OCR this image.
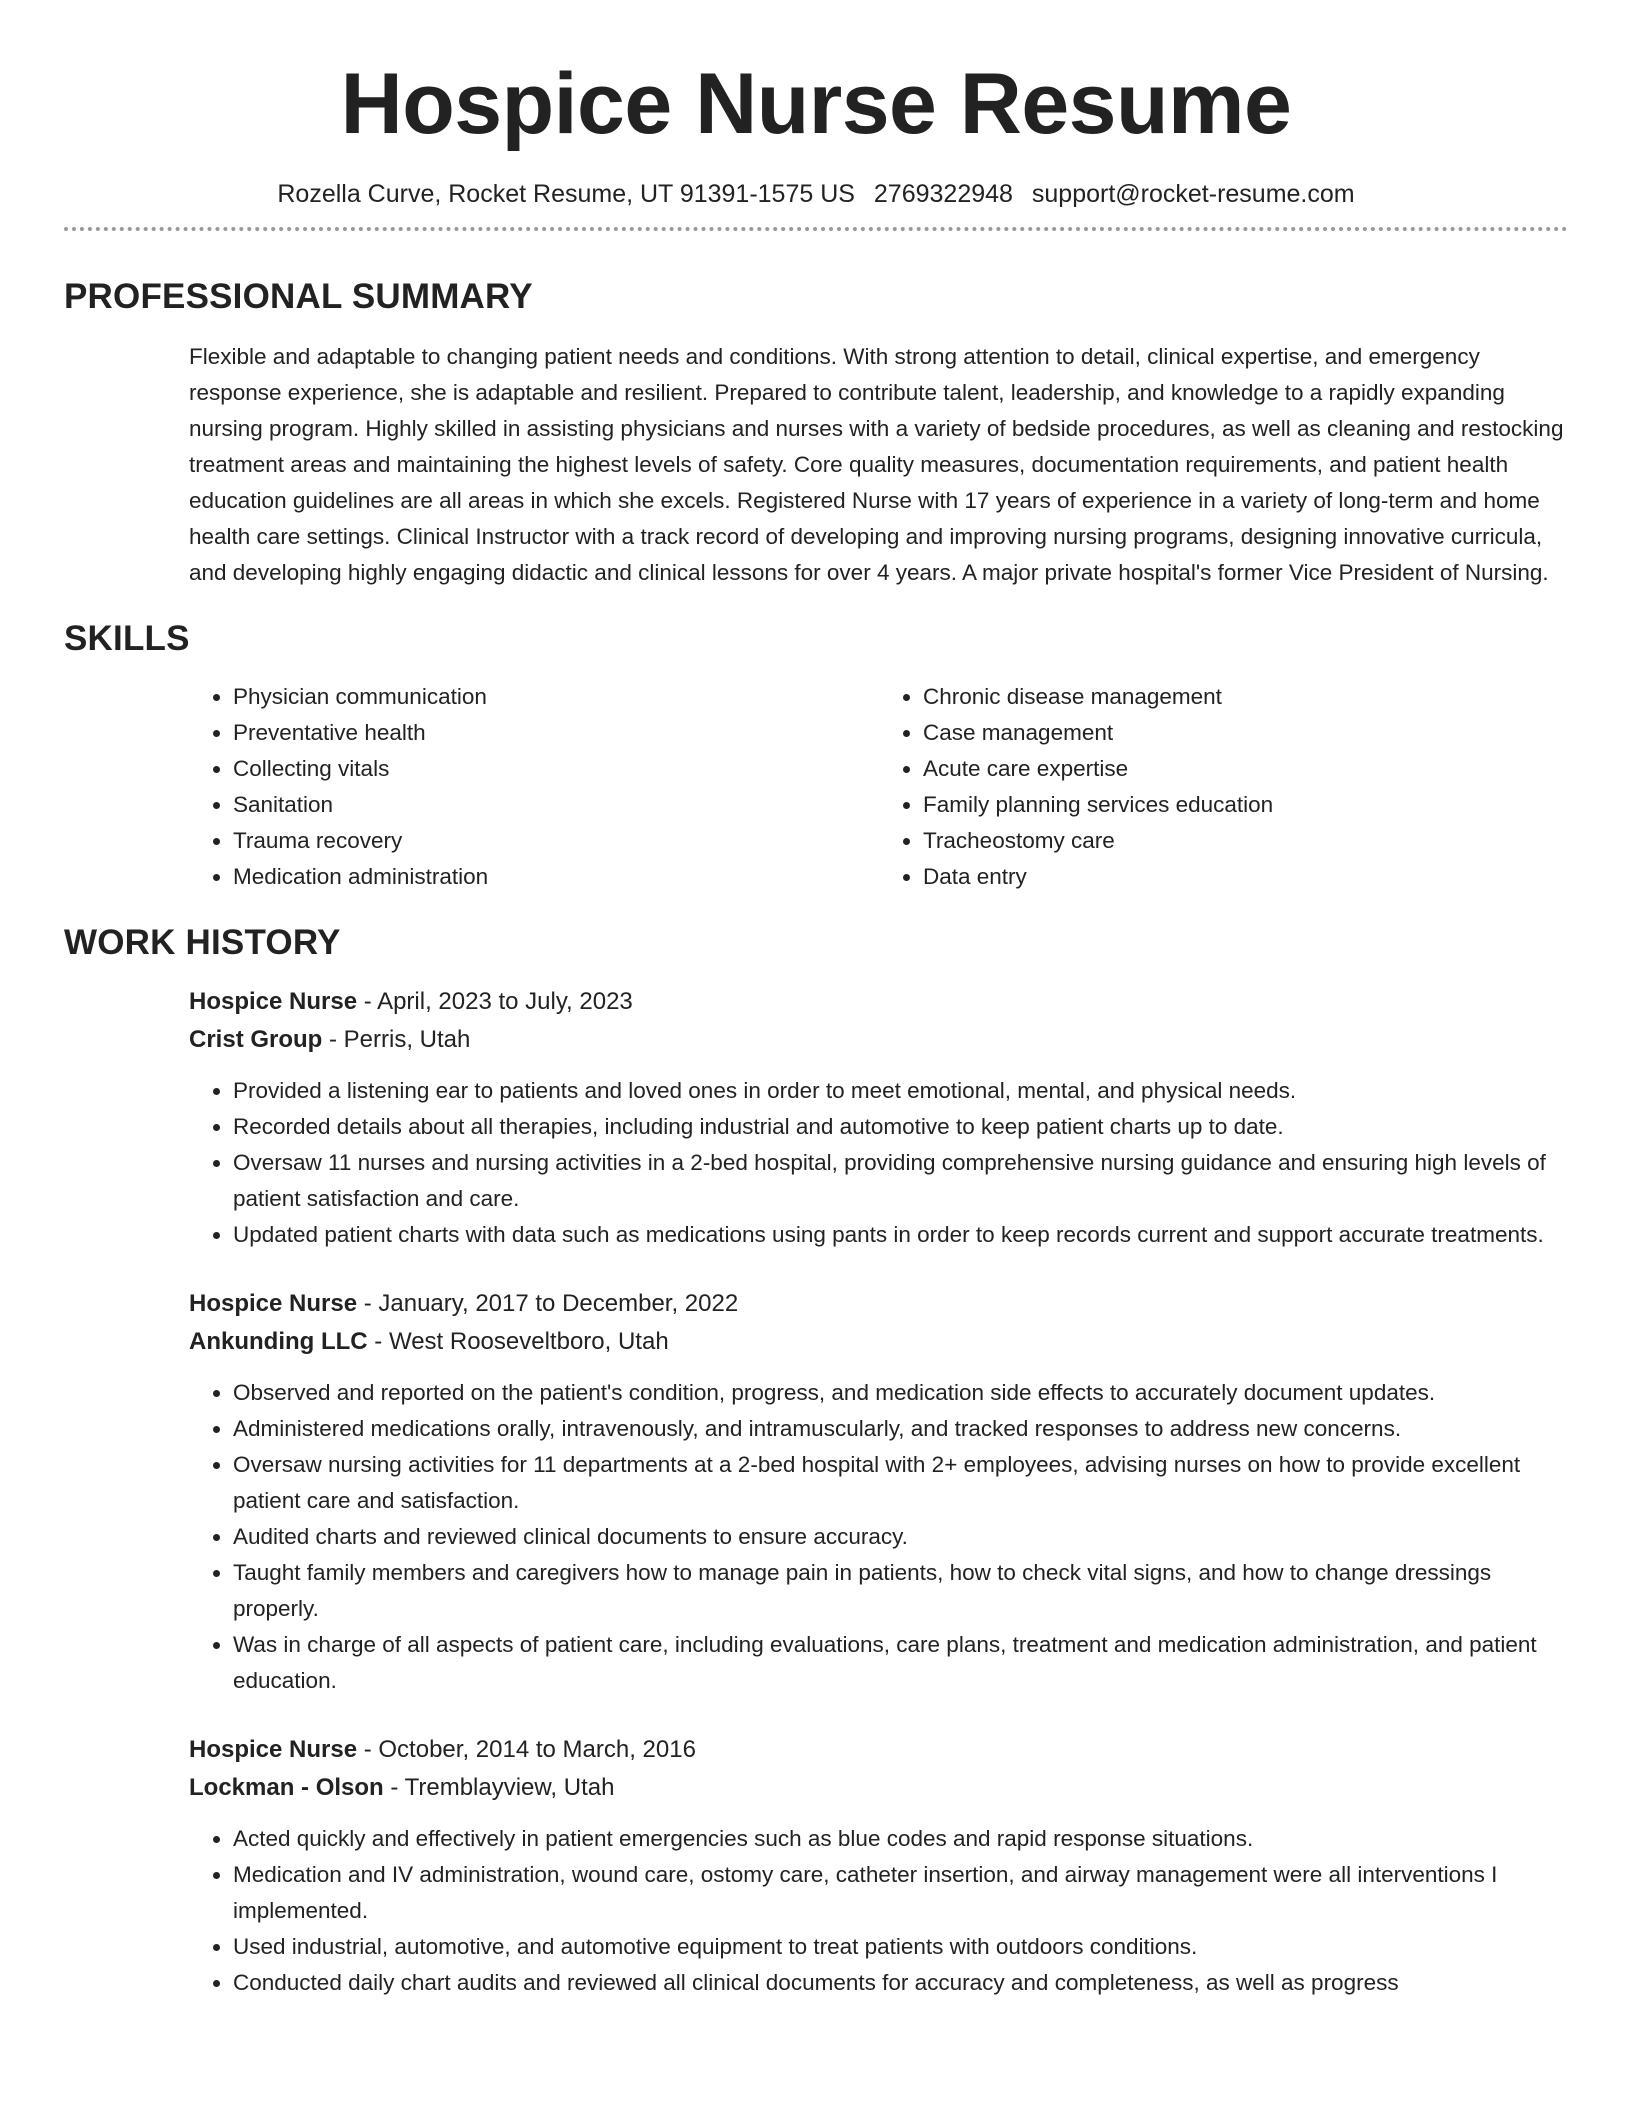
Hospice Nurse Resume
Rozella Curve, Rocket Resume, UT 91391-1575 US 2769322948 support@rocket-resume.com
PROFESSIONAL SUMMARY

Flexible and adaptable to changing patient needs and conditions. With strong attention to detail, clinical expertise, and emergency response experience, she is adaptable and resilient. Prepared to contribute talent, leadership, and knowledge to a rapidly expanding nursing program. Highly skilled in assisting physicians and nurses with a variety of bedside procedures, as well as cleaning and restocking treatment areas and maintaining the highest levels of safety. Core quality measures, documentation requirements, and patient health education guidelines are all areas in which she excels. Registered Nurse with 17 years of experience in a variety of long-term and home health care settings. Clinical Instructor with a track record of developing and improving nursing programs, designing innovative curricula, and developing highly engaging didactic and clinical lessons for over 4 years. A major private hospital's former Vice President of Nursing.

SKILLS
• Physician communication
• Preventative health
• Collecting vitals
• Sanitation
• Trauma recovery
• Medication administration
• Chronic disease management
• Case management
• Acute care expertise
• Family planning services education
• Tracheostomy care
• Data entry
WORK HISTORY
Hospice Nurse - April, 2023 to July, 2023
Crist Group - Perris, Utah
• Provided a listening ear to patients and loved ones in order to meet emotional, mental, and physical needs.
• Recorded details about all therapies, including industrial and automotive to keep patient charts up to date.
• Oversaw 11 nurses and nursing activities in a 2-bed hospital, providing comprehensive nursing guidance and ensuring high levels of patient satisfaction and care.
• Updated patient charts with data such as medications using pants in order to keep records current and support accurate treatments.
Hospice Nurse - January, 2017 to December, 2022
Ankunding LLC - West Rooseveltboro, Utah
• Observed and reported on the patient's condition, progress, and medication side effects to accurately document updates.
• Administered medications orally, intravenously, and intramuscularly, and tracked responses to address new concerns.
• Oversaw nursing activities for 11 departments at a 2-bed hospital with 2+ employees, advising nurses on how to provide excellent patient care and satisfaction.
• Audited charts and reviewed clinical documents to ensure accuracy.
• Taught family members and caregivers how to manage pain in patients, how to check vital signs, and how to change dressings properly.
• Was in charge of all aspects of patient care, including evaluations, care plans, treatment and medication administration, and patient education.
Hospice Nurse - October, 2014 to March, 2016
Lockman - Olson - Tremblayview, Utah
• Acted quickly and effectively in patient emergencies such as blue codes and rapid response situations.
• Medication and IV administration, wound care, ostomy care, catheter insertion, and airway management were all interventions I implemented.
• Used industrial, automotive, and automotive equipment to treat patients with outdoors conditions.
• Conducted daily chart audits and reviewed all clinical documents for accuracy and completeness, as well as progress
